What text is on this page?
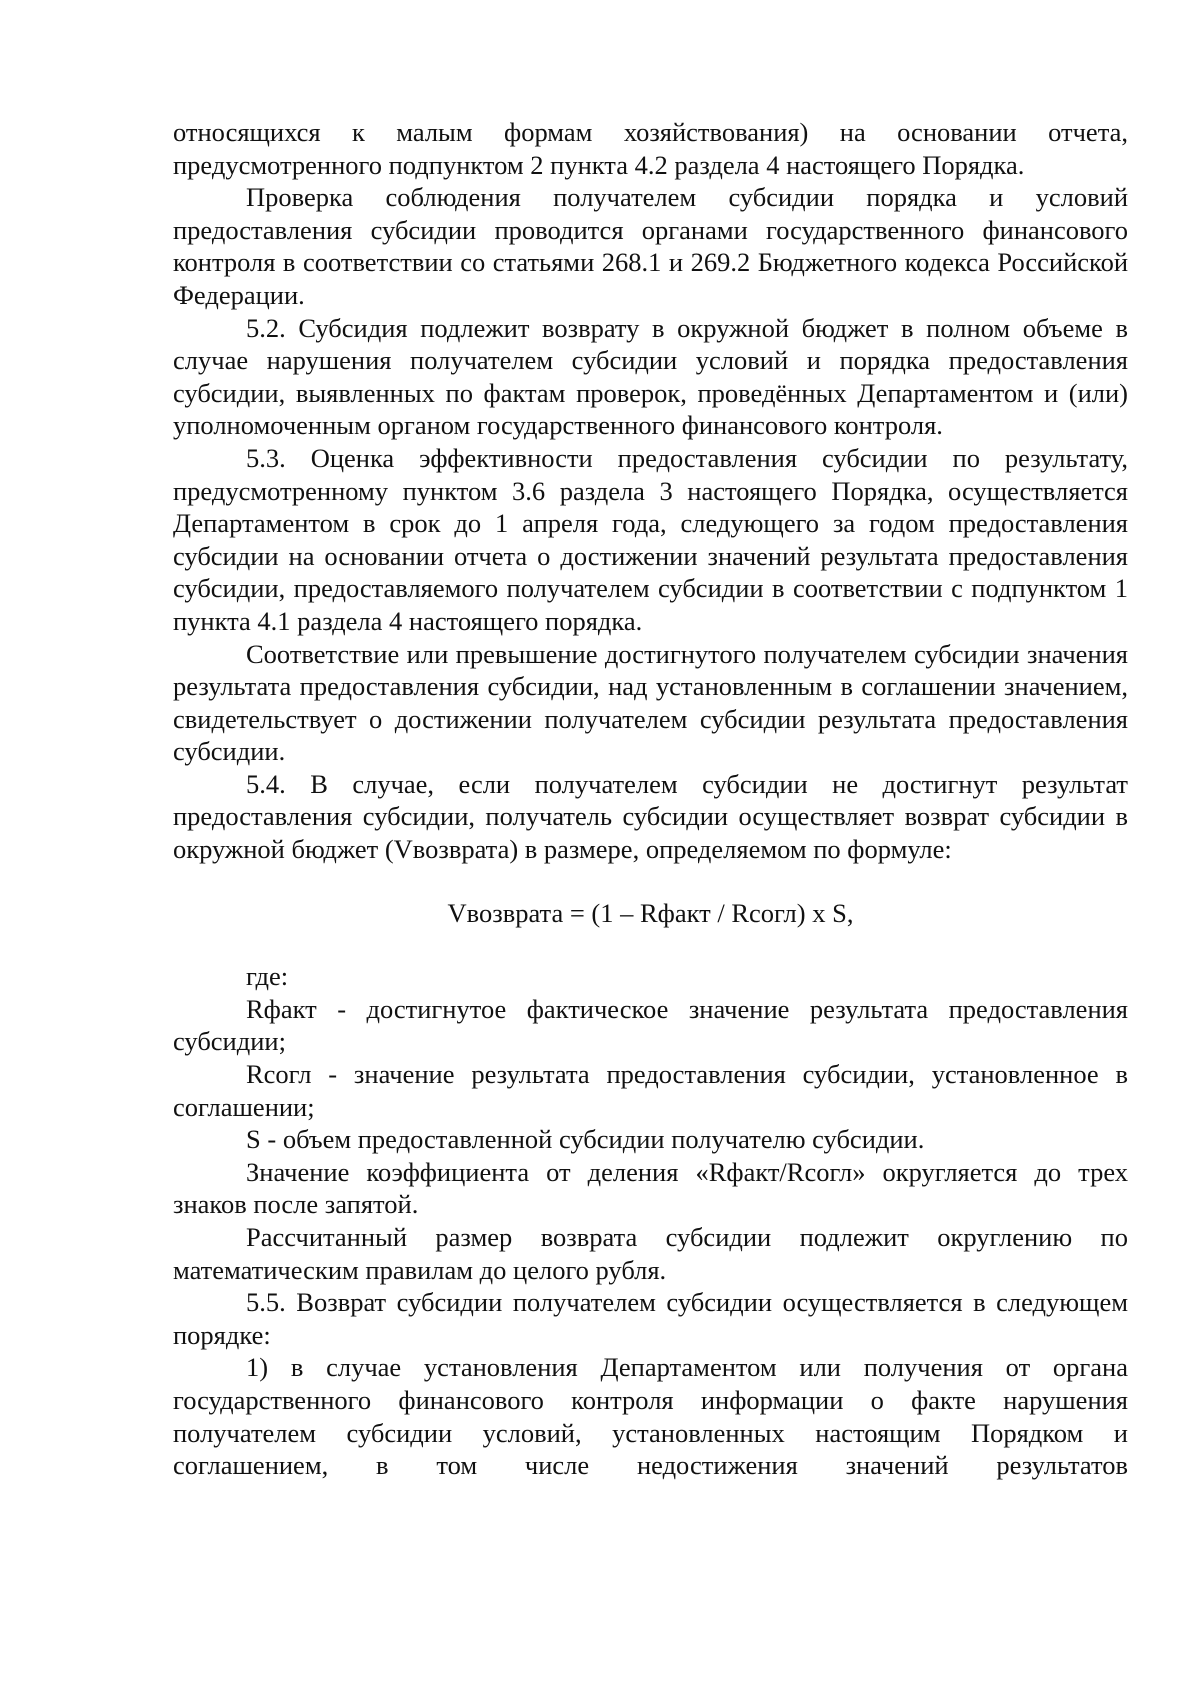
относящихся к малым формам хозяйствования) на основании отчета, предусмотренного подпунктом 2 пункта 4.2 раздела 4 настоящего Порядка.

Проверка соблюдения получателем субсидии порядка и условий предоставления субсидии проводится органами государственного финансового контроля в соответствии со статьями 268.1 и 269.2 Бюджетного кодекса Российской Федерации.

5.2. Субсидия подлежит возврату в окружной бюджет в полном объеме в случае нарушения получателем субсидии условий и порядка предоставления субсидии, выявленных по фактам проверок, проведённых Департаментом и (или) уполномоченным органом государственного финансового контроля.

5.3. Оценка эффективности предоставления субсидии по результату, предусмотренному пунктом 3.6 раздела 3 настоящего Порядка, осуществляется Департаментом в срок до 1 апреля года, следующего за годом предоставления субсидии на основании отчета о достижении значений результата предоставления субсидии, предоставляемого получателем субсидии в соответствии с подпунктом 1 пункта 4.1 раздела 4 настоящего порядка.

Соответствие или превышение достигнутого получателем субсидии значения результата предоставления субсидии, над установленным в соглашении значением, свидетельствует о достижении получателем субсидии результата предоставления субсидии.

5.4. В случае, если получателем субсидии не достигнут результат предоставления субсидии, получатель субсидии осуществляет возврат субсидии в окружной бюджет (Vвозврата) в размере, определяемом по формуле:

Vвозврата = (1 – Rфакт / Rсогл) х S,

где:

Rфакт - достигнутое фактическое значение результата предоставления субсидии;

Rсогл - значение результата предоставления субсидии, установленное в соглашении;

S - объем предоставленной субсидии получателю субсидии.

Значение коэффициента от деления «Rфакт/Rсогл» округляется до трех знаков после запятой.

Рассчитанный размер возврата субсидии подлежит округлению по математическим правилам до целого рубля.

5.5. Возврат субсидии получателем субсидии осуществляется в следующем порядке:

1) в случае установления Департаментом или получения от органа государственного финансового контроля информации о факте нарушения получателем субсидии условий, установленных настоящим Порядком и соглашением, в том числе недостижения значений результатов
